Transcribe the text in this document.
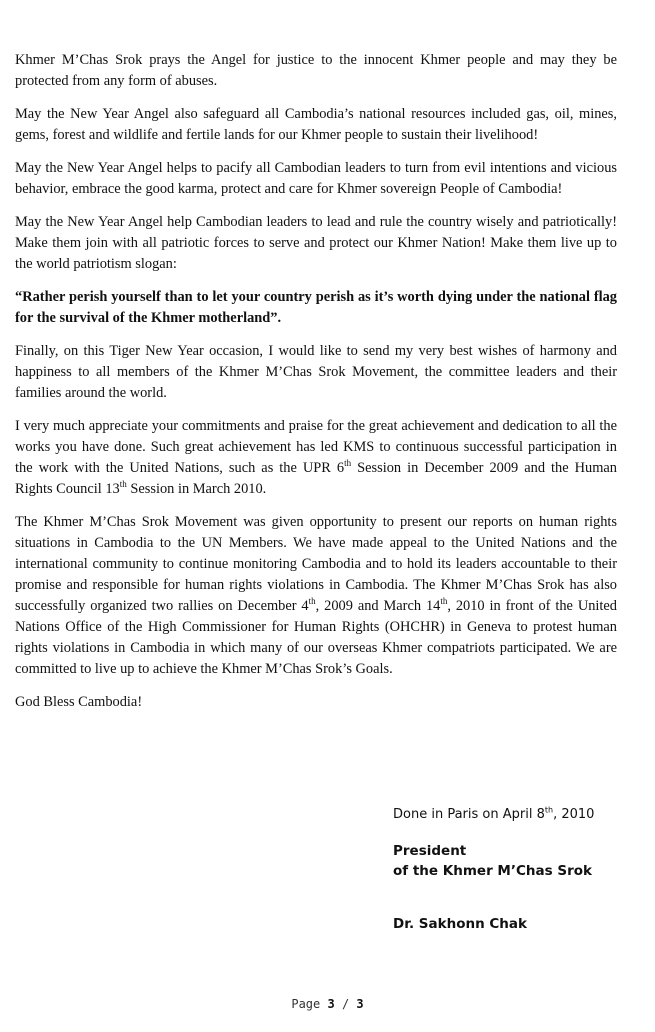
Khmer M’Chas Srok prays the Angel for justice to the innocent Khmer people and may they be protected from any form of abuses.

May the New Year Angel also safeguard all Cambodia’s national resources included gas, oil, mines, gems, forest and wildlife and fertile lands for our Khmer people to sustain their livelihood!

May the New Year Angel helps to pacify all Cambodian leaders to turn from evil intentions and vicious behavior, embrace the good karma, protect and care for Khmer sovereign People of Cambodia!

May the New Year Angel help Cambodian leaders to lead and rule the country wisely and patriotically! Make them join with all patriotic forces to serve and protect our Khmer Nation! Make them live up to the world patriotism slogan:

“Rather perish yourself than to let your country perish as it’s worth dying under the national flag for the survival of the Khmer motherland”.

Finally, on this Tiger New Year occasion, I would like to send my very best wishes of harmony and happiness to all members of the Khmer M’Chas Srok Movement, the committee leaders and their families around the world.

I very much appreciate your commitments and praise for the great achievement and dedication to all the works you have done. Such great achievement has led KMS to continuous successful participation in the work with the United Nations, such as the UPR 6th Session in December 2009 and the Human Rights Council 13th Session in March 2010.

The Khmer M’Chas Srok Movement was given opportunity to present our reports on human rights situations in Cambodia to the UN Members. We have made appeal to the United Nations and the international community to continue monitoring Cambodia and to hold its leaders accountable to their promise and responsible for human rights violations in Cambodia. The Khmer M’Chas Srok has also successfully organized two rallies on December 4th, 2009 and March 14th, 2010 in front of the United Nations Office of the High Commissioner for Human Rights (OHCHR) in Geneva to protest human rights violations in Cambodia in which many of our overseas Khmer compatriots participated. We are committed to live up to achieve the Khmer M’Chas Srok’s Goals.

God Bless Cambodia!

Done in Paris on April 8th, 2010
President
of the Khmer M’Chas Srok
Dr. Sakhonn Chak
Page 3 / 3
